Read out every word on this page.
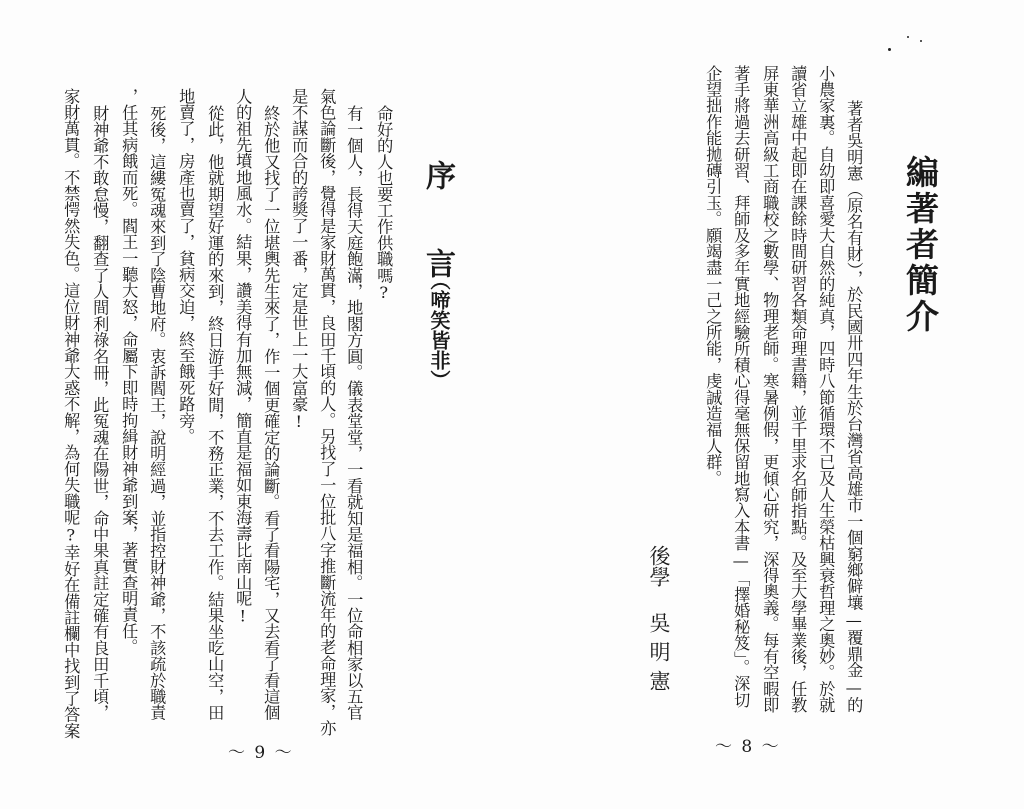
序　言
（啼笑皆非）
命好的人也要工作供職嗎?
有一個人，長得天庭飽滿，地閣方圓。儀表堂堂，一看就知是福相。一位命相家以五官
氣色論斷後，覺得是家財萬貫，良田千頃的人。另找了一位批八字推斷流年的老命理家，亦
是不謀而合的誇獎了一番，定是世上一大富豪!
終於他又找了一位堪輿先生來了，作一個更確定的論斷。看了看陽宅，又去看了看這個
人的祖先墳地風水。結果，讚美得有加無減，簡直是福如東海壽比南山呢!
從此，他就期望好運的來到，終日游手好閒，不務正業，不去工作。結果坐吃山空，田
地賣了，房產也賣了，貧病交迫，終至餓死路旁。
死後，這縷冤魂來到了陰曹地府。衷訴閻王，說明經過，並指控財神爺，不該疏於職責
，任其病餓而死。閻王一聽大怒，命屬下即時拘緝財神爺到案，著實查明責任。
財神爺不敢怠慢，翻查了人間利祿名冊，此冤魂在陽世，命中果真註定確有良田千頃，
家財萬貫。不禁愕然失色。這位財神爺大惑不解，為何失職呢?幸好在備註欄中找到了答案
～ 9 ～
編著者簡介
著者吳明憲（原名有財），於民國卅四年生於台灣省高雄市一個窮鄉僻壤—覆鼎金—的
小農家裏。自幼即喜愛大自然的純真，四時八節循環不已及人生榮枯興衰哲理之奧妙。於就
讀省立雄中起即在課餘時間研習各類命理書籍，並千里求名師指點。及至大學畢業後，任教
屏東華洲高級工商職校之數學、物理老師。寒暑例假，更傾心研究，深得奧義。每有空暇即
著手將過去研習、拜師及多年實地經驗所積心得毫無保留地寫入本書—「擇婚秘笈」。深切
企望拙作能拋磚引玉。願竭盡一己之所能，虔誠造福人群。
後學
吳明憲
～ 8 ～
